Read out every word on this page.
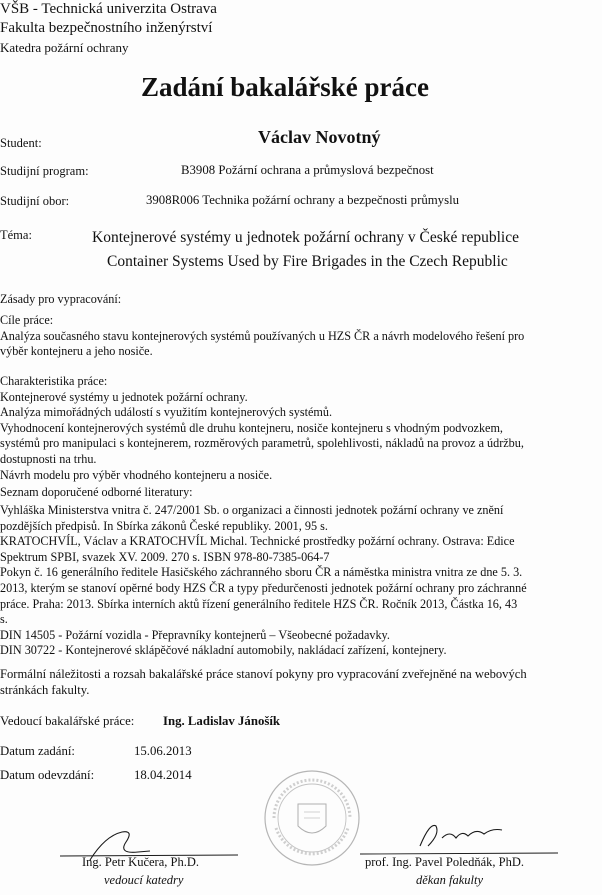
VŠB - Technická univerzita Ostrava
Fakulta bezpečnostního inženýrství
Katedra požární ochrany
Zadání bakalářské práce
Student:	Václav Novotný
Studijní program:	B3908 Požární ochrana a průmyslová bezpečnost
Studijní obor:	3908R006 Technika požární ochrany a bezpečnosti průmyslu
Téma:	Kontejnerové systémy u jednotek požární ochrany v České republice
Container Systems Used by Fire Brigades in the Czech Republic
Zásady pro vypracování:
Cíle práce:
Analýza současného stavu kontejnerových systémů používaných u HZS ČR a návrh modelového řešení pro
výběr kontejneru a jeho nosiče.
Charakteristika práce:
Kontejnerové systémy u jednotek požární ochrany.
Analýza mimořádných událostí s využitím kontejnerových systémů.
Vyhodnocení kontejnerových systémů dle druhu kontejneru, nosiče kontejneru s vhodným podvozkem,
systémů pro manipulaci s kontejnerem, rozměrových parametrů, spolehlivosti, nákladů na provoz a údržbu,
dostupnosti na trhu.
Návrh modelu pro výběr vhodného kontejneru a nosiče.
Seznam doporučené odborné literatury:
Vyhláška Ministerstva vnitra č. 247/2001 Sb. o organizaci a činnosti jednotek požární ochrany ve znění
pozdějších předpisů. In Sbírka zákonů České republiky. 2001, 95 s.
KRATOCHVÍL, Václav a KRATOCHVÍL Michal. Technické prostředky požární ochrany. Ostrava: Edice
Spektrum SPBI, svazek XV. 2009. 270 s. ISBN 978-80-7385-064-7
Pokyn č. 16 generálního ředitele Hasičského záchranného sboru ČR a náměstka ministra vnitra ze dne 5. 3.
2013, kterým se stanoví opěrné body HZS ČR a typy předurčenosti jednotek požární ochrany pro záchranné
práce. Praha: 2013. Sbírka interních aktů řízení generálního ředitele HZS ČR. Ročník 2013, Částka 16, 43
s.
DIN 14505 - Požární vozidla - Přepravníky kontejnerů – Všeobecné požadavky.
DIN 30722 - Kontejnerové sklápěčové nákladní automobily, nakládací zařízení, kontejnery.
Formální náležitosti a rozsah bakalářské práce stanoví pokyny pro vypracování zveřejněné na webových
stránkách fakulty.
Vedoucí bakalářské práce: Ing. Ladislav Jánošík
Datum zadání:	15.06.2013
Datum odevzdání:	18.04.2014
Ing. Petr Kučera, Ph.D.
vedoucí katedry
prof. Ing. Pavel Poledňák, PhD.
děkan fakulty
